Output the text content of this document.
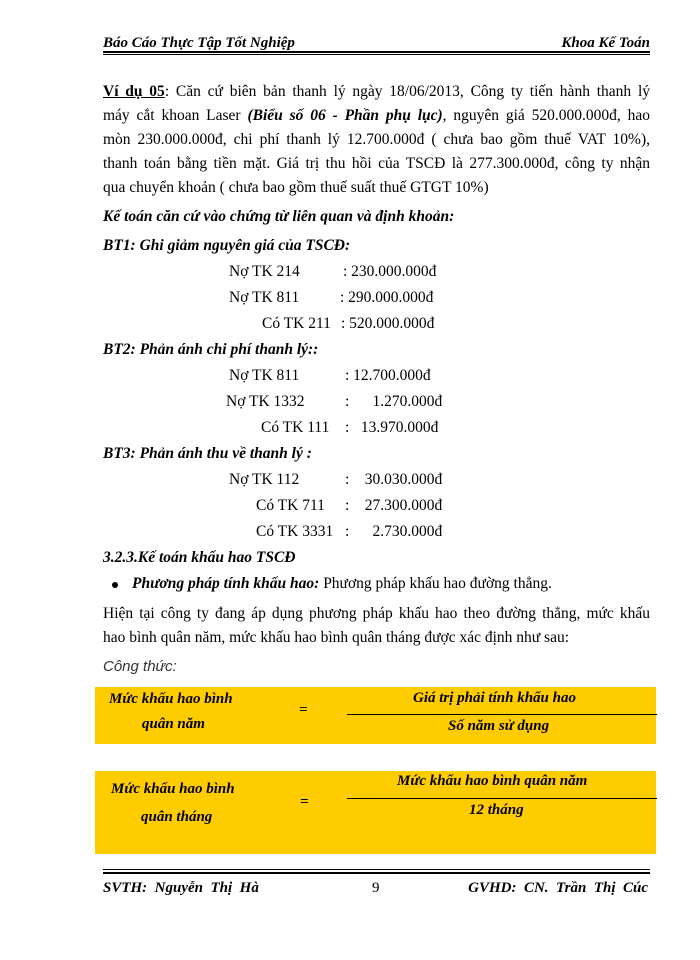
Báo Cáo Thực Tập Tốt Nghiệp	Khoa Kế Toán
Ví dụ 05: Căn cứ biên bản thanh lý ngày 18/06/2013, Công ty tiến hành thanh lý
máy cắt khoan Laser (Biểu số 06 - Phần phụ lục), nguyên giá 520.000.000đ, hao
mòn 230.000.000đ, chi phí thanh lý 12.700.000đ ( chưa bao gồm thuế VAT 10%),
thanh toán bằng tiền mặt. Giá trị thu hồi của TSCĐ là 277.300.000đ, công ty nhận
qua chuyển khoản ( chưa bao gồm thuế suất thuế GTGT 10%)
Kế toán căn cứ vào chứng từ liên quan và định khoản:
BT1: Ghi giảm nguyên giá của TSCĐ:
Nợ TK 214	: 230.000.000đ
Nợ TK 811	: 290.000.000đ
Có TK 211 : 520.000.000đ
BT2: Phản ánh chi phí thanh lý::
Nợ TK 811	: 12.700.000đ
Nợ TK 1332	:      1.270.000đ
Có TK 111 :   13.970.000đ
BT3: Phản ánh thu về thanh lý :
Nợ TK 112	:    30.030.000đ
Có TK 711 :    27.300.000đ
Có TK 3331 :      2.730.000đ
3.2.3.Kế toán khấu hao TSCĐ
Phương pháp tính khấu hao: Phương pháp khấu hao đường thẳng.
Hiện tại công ty đang áp dụng phương pháp khấu hao theo đường thẳng, mức khấu
hao bình quân năm, mức khấu hao bình quân tháng được xác định như sau:
Công thức:
Mức khấu hao bình
quân năm
=
Giá trị phải tính khấu hao
Số năm sử dụng
Mức khấu hao bình
quân tháng
=
Mức khấu hao bình quân năm
12 tháng
SVTH:  Nguyễn  Thị  Hà	9	GVHD:  CN.  Trần  Thị  Cúc
